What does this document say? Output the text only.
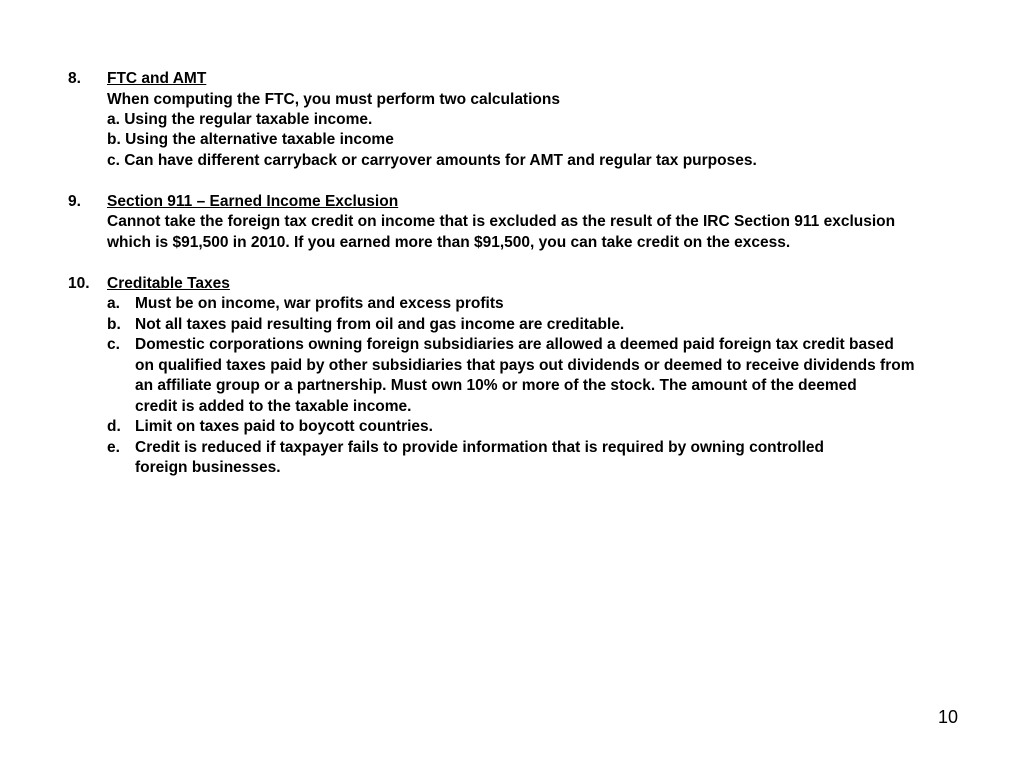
8. FTC and AMT
When computing the FTC, you must perform two calculations
a. Using the regular taxable income.
b. Using the alternative taxable income
c. Can have different carryback or carryover amounts for AMT and regular tax purposes.
9. Section 911 – Earned Income Exclusion
Cannot take the foreign tax credit on income that is excluded as the result of the IRC Section 911 exclusion
which is $91,500 in 2010. If you earned more than $91,500, you can take credit on the excess.
10. Creditable Taxes
a. Must be on income, war profits and excess profits
b. Not all taxes paid resulting from oil and gas income are creditable.
c. Domestic corporations owning foreign subsidiaries are allowed a deemed paid foreign tax credit based
on qualified taxes paid by other subsidiaries that pays out dividends or deemed to receive dividends from
an affiliate group or a partnership. Must own 10% or more of the stock. The amount of the deemed
credit is added to the taxable income.
d. Limit on taxes paid to boycott countries.
e. Credit is reduced if taxpayer fails to provide information that is required by owning controlled
foreign businesses.
10
